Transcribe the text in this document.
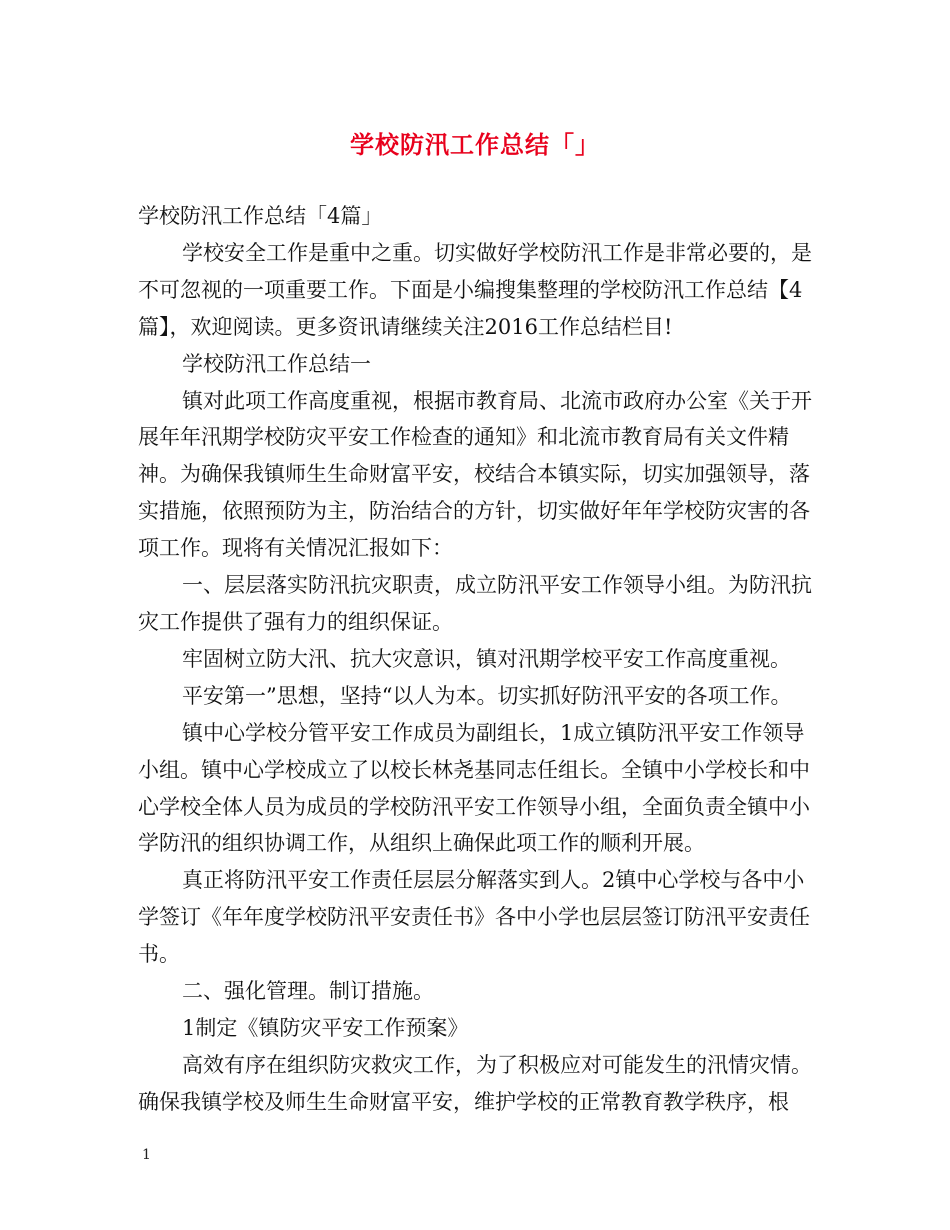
学校防汛工作总结「」

学校防汛工作总结「4篇」

学校安全工作是重中之重。切实做好学校防汛工作是非常必要的，是不可忽视的一项重要工作。下面是小编搜集整理的学校防汛工作总结【4篇】，欢迎阅读。更多资讯请继续关注2016工作总结栏目!

学校防汛工作总结一

镇对此项工作高度重视，根据市教育局、北流市政府办公室《关于开展年年汛期学校防灾平安工作检查的通知》和北流市教育局有关文件精神。为确保我镇师生生命财富平安，校结合本镇实际，切实加强领导，落实措施，依照预防为主，防治结合的方针，切实做好年年学校防灾害的各项工作。现将有关情况汇报如下：

一、层层落实防汛抗灾职责，成立防汛平安工作领导小组。为防汛抗灾工作提供了强有力的组织保证。

牢固树立防大汛、抗大灾意识，镇对汛期学校平安工作高度重视。

平安第一”思想，坚持“以人为本。切实抓好防汛平安的各项工作。

镇中心学校分管平安工作成员为副组长，1成立镇防汛平安工作领导小组。镇中心学校成立了以校长林尧基同志任组长。全镇中小学校长和中心学校全体人员为成员的学校防汛平安工作领导小组，全面负责全镇中小学防汛的组织协调工作，从组织上确保此项工作的顺利开展。

真正将防汛平安工作责任层层分解落实到人。2镇中心学校与各中小学签订《年年度学校防汛平安责任书》各中小学也层层签订防汛平安责任书。

二、强化管理。制订措施。

1制定《镇防灾平安工作预案》

高效有序在组织防灾救灾工作，为了积极应对可能发生的汛情灾情。确保我镇学校及师生生命财富平安，维护学校的正常教育教学秩序，根

1
